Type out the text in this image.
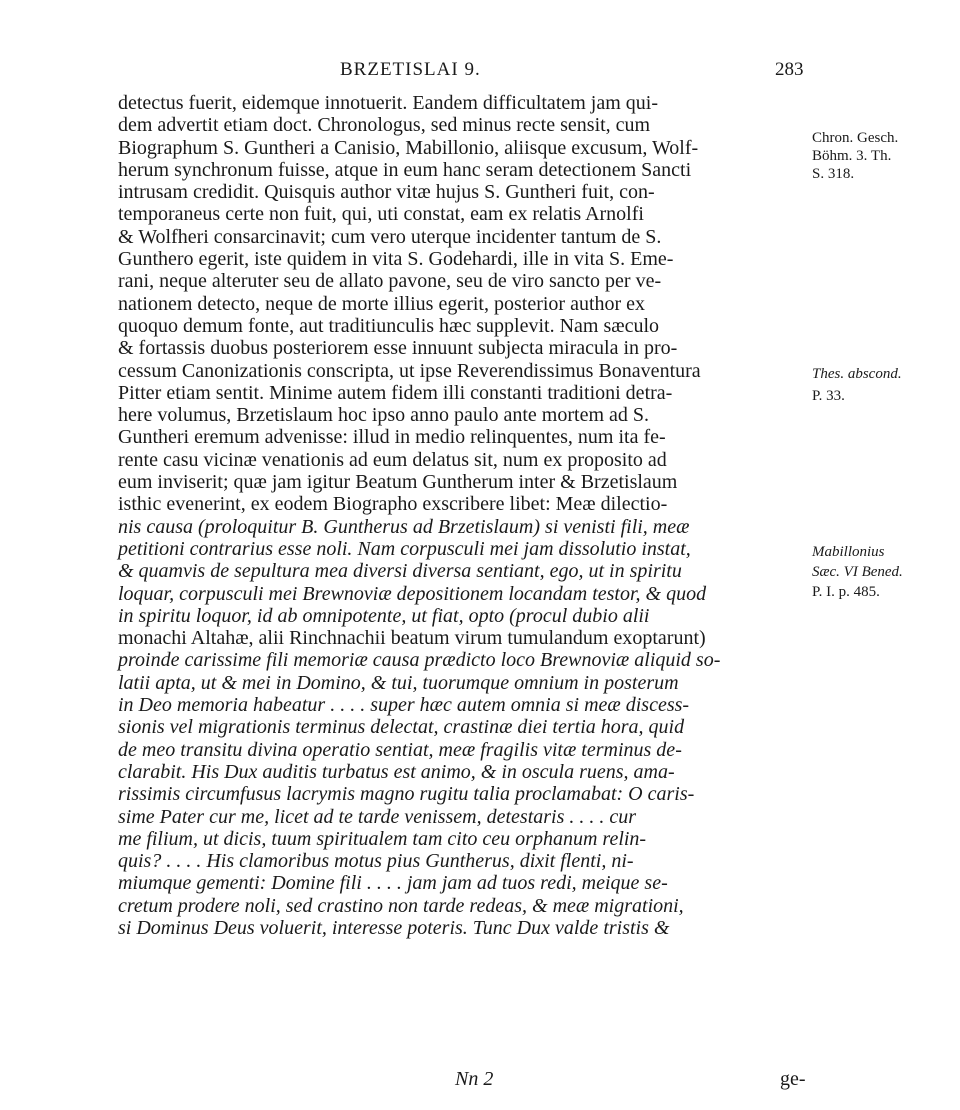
BRZETISLAI 9.	283
detectus fuerit, eidemque innotuerit. Eandem difficultatem jam qui-
dem advertit etiam doct. Chronologus, sed minus recte sensit, cum
Biographum S. Guntheri a Canisio, Mabillonio, aliisque excusum, Wolf-
herum synchronum fuisse, atque in eum hanc seram detectionem Sancti
intrusam credidit. Quisquis author vitæ hujus S. Guntheri fuit, con-
temporaneus certe non fuit, qui, uti constat, eam ex relatis Arnolfi
& Wolfheri consarcinavit; cum vero uterque incidenter tantum de S.
Gunthero egerit, iste quidem in vita S. Godehardi, ille in vita S. Eme-
rani, neque alteruter seu de allato pavone, seu de viro sancto per ve-
nationem detecto, neque de morte illius egerit, posterior author ex
quoquo demum fonte, aut traditiunculis hæc supplevit. Nam sæculo
& fortassis duobus posteriorem esse innuunt subjecta miracula in pro-
cessum Canonizationis conscripta, ut ipse Reverendissimus Bonaventura
Pitter etiam sentit. Minime autem fidem illi constanti traditioni detra-
here volumus, Brzetislaum hoc ipso anno paulo ante mortem ad S.
Guntheri eremum advenisse: illud in medio relinquentes, num ita fe-
rente casu vicinæ venationis ad eum delatus sit, num ex proposito ad
eum inviserit; quæ jam igitur Beatum Guntherum inter & Brzetislaum
isthic evenerint, ex eodem Biographo exscribere libet: Meæ dilectio-
nis causa (proloquitur B. Guntherus ad Brzetislaum) si venisti fili, meæ
petitioni contrarius esse noli. Nam corpusculi mei jam dissolutio instat,
& quamvis de sepultura mea diversi diversa sentiant, ego, ut in spiritu
loquar, corpusculi mei Brewnoviæ depositionem locandam testor, & quod
in spiritu loquor, id ab omnipotente, ut fiat, opto (procul dubio alii
monachi Altahæ, alii Rinchnachii beatum virum tumulandum exoptarunt)
proinde carissime fili memoriæ causa prædicto loco Brewnoviæ aliquid so-
latii apta, ut & mei in Domino, & tui, tuorumque omnium in posterum
in Deo memoria habeatur . . . . super hæc autem omnia si meæ discess-
sionis vel migrationis terminus delectat, crastinæ diei tertia hora, quid
de meo transitu divina operatio sentiat, meæ fragilis vitæ terminus de-
clarabit. His Dux auditis turbatus est animo, & in oscula ruens, ama-
rissimis circumfusus lacrymis magno rugitu talia proclamabat: O caris-
sime Pater cur me, licet ad te tarde venissem, detestaris . . . . cur
me filium, ut dicis, tuum spiritualem tam cito ceu orphanum relin-
quis? . . . . His clamoribus motus pius Guntherus, dixit flenti, ni-
miumque gementi: Domine fili . . . . jam jam ad tuos redi, meique se-
cretum prodere noli, sed crastino non tarde redeas, & meæ migrationi,
si Dominus Deus voluerit, interesse poteris. Tunc Dux valde tristis &
Chron. Gesch.
Böhm. 3. Th.
S. 318.
Thes. abscond.
P. 33.
Mabillonius
Sæc. VI Bened.
P. I. p. 485.
Nn 2	ge-
